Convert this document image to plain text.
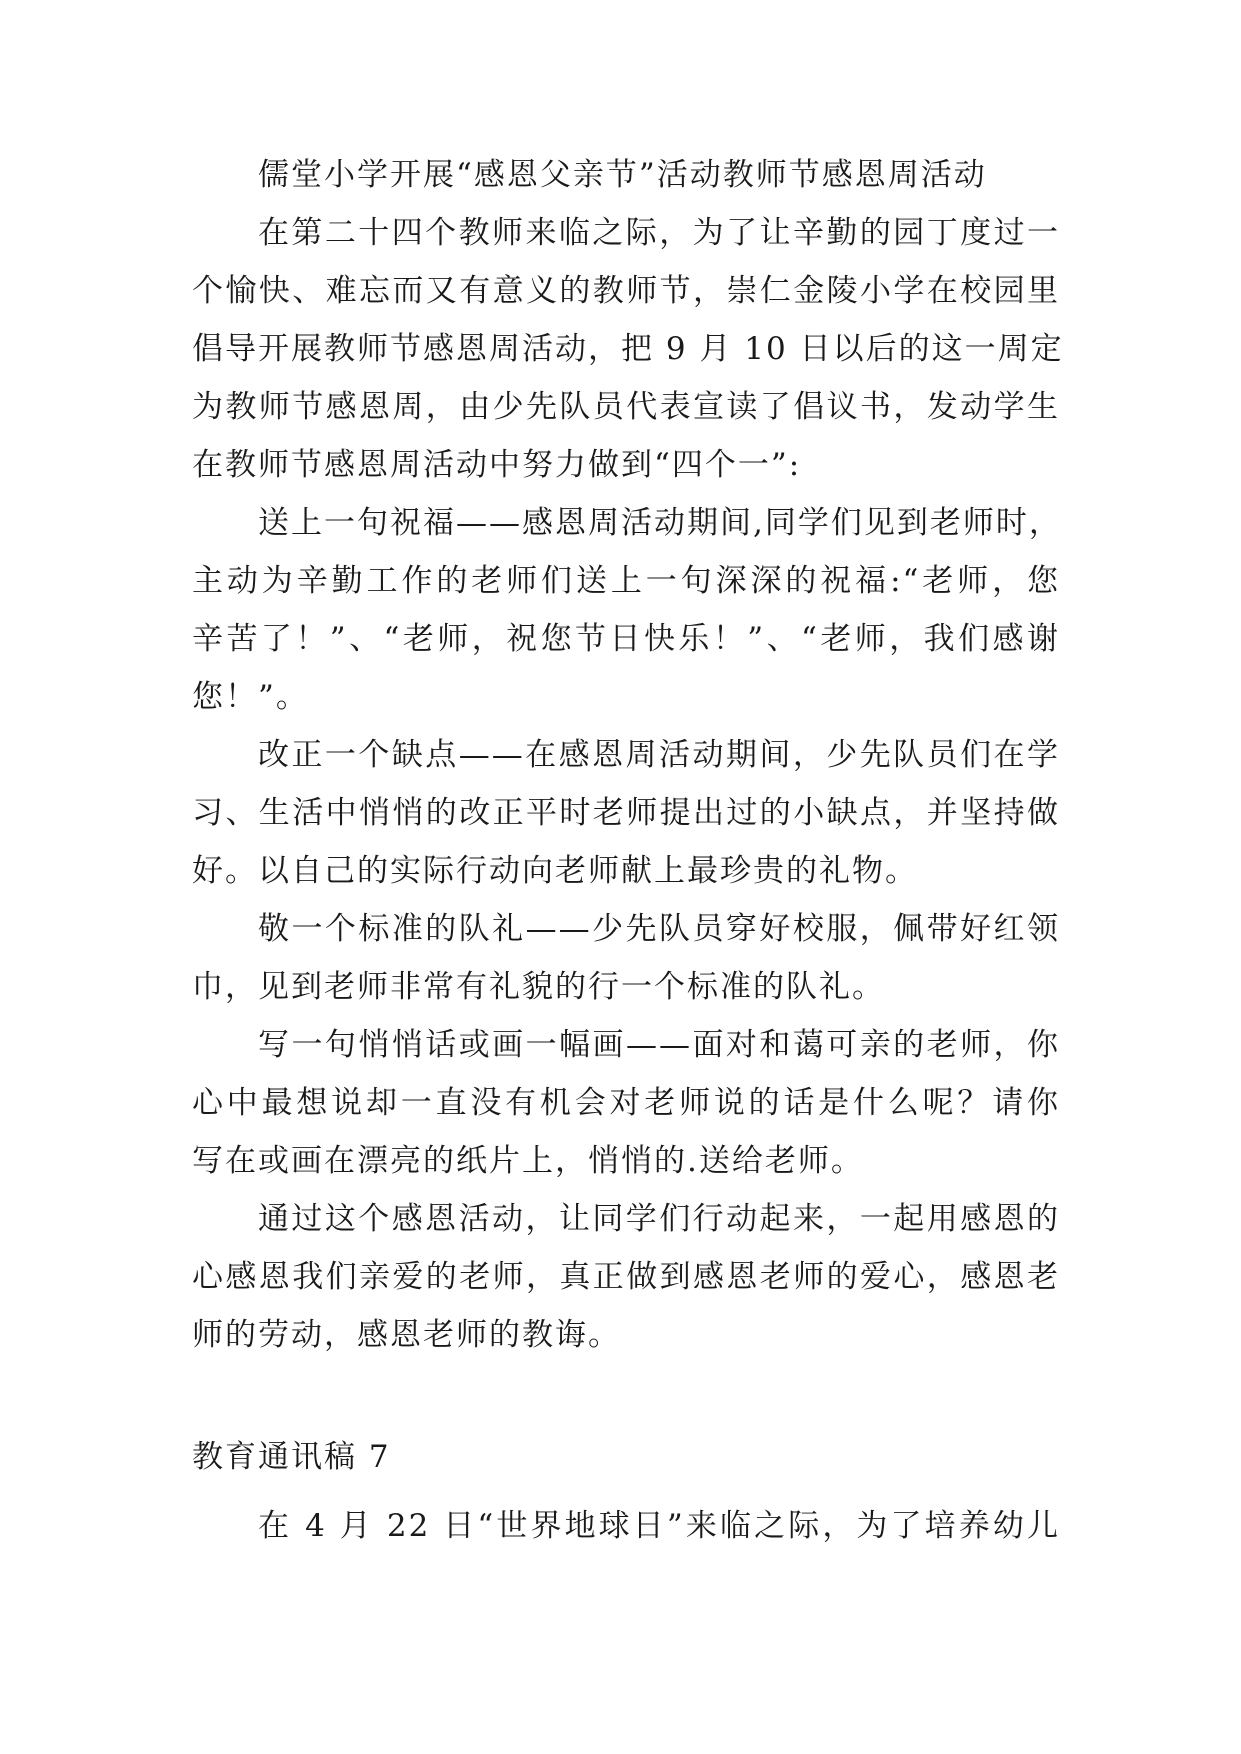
儒堂小学开展“感恩父亲节”活动教师节感恩周活动
在第二十四个教师来临之际，为了让辛勤的园丁度过一
个愉快、难忘而又有意义的教师节，崇仁金陵小学在校园里
倡导开展教师节感恩周活动，把 9 月 10 日以后的这一周定
为教师节感恩周，由少先队员代表宣读了倡议书，发动学生
在教师节感恩周活动中努力做到“四个一”:
送上一句祝福——感恩周活动期间,同学们见到老师时，
主动为辛勤工作的老师们送上一句深深的祝福:“老师，您
辛苦了！”、“老师，祝您节日快乐！”、“老师，我们感谢
您！”。
改正一个缺点——在感恩周活动期间，少先队员们在学
习、生活中悄悄的改正平时老师提出过的小缺点，并坚持做
好。以自己的实际行动向老师献上最珍贵的礼物。
敬一个标准的队礼——少先队员穿好校服，佩带好红领
巾，见到老师非常有礼貌的行一个标准的队礼。
写一句悄悄话或画一幅画——面对和蔼可亲的老师，你
心中最想说却一直没有机会对老师说的话是什么呢？请你
写在或画在漂亮的纸片上，悄悄的.送给老师。
通过这个感恩活动，让同学们行动起来，一起用感恩的
心感恩我们亲爱的老师，真正做到感恩老师的爱心，感恩老
师的劳动，感恩老师的教诲。
教育通讯稿 7
在 4 月 22 日“世界地球日”来临之际，为了培养幼儿
